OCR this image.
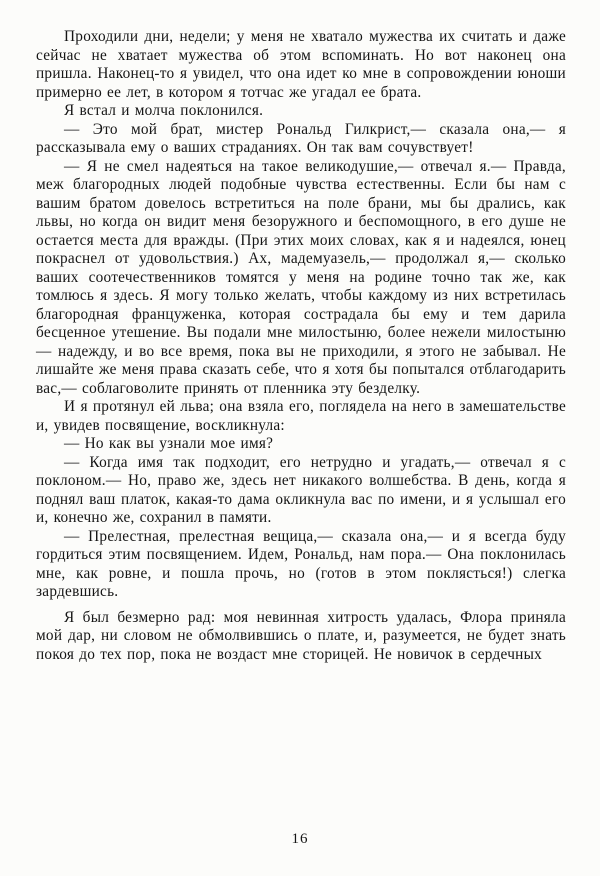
Проходили дни, недели; у меня не хватало мужества их считать и даже сейчас не хватает мужества об этом вспоминать. Но вот наконец она пришла. Наконец-то я увидел, что она идет ко мне в сопровождении юноши примерно ее лет, в котором я тотчас же угадал ее брата.

Я встал и молча поклонился.

— Это мой брат, мистер Рональд Гилкрист,— сказала она,— я рассказывала ему о ваших страданиях. Он так вам сочувствует!

— Я не смел надеяться на такое великодушие,— отвечал я.— Правда, меж благородных людей подобные чувства естественны. Если бы нам с вашим братом довелось встретиться на поле брани, мы бы дрались, как львы, но когда он видит меня безоружного и беспомощного, в его душе не остается места для вражды. (При этих моих словах, как я и надеялся, юнец покраснел от удовольствия.) Ах, мадемуазель,— продолжал я,— сколько ваших соотечественников томятся у меня на родине точно так же, как томлюсь я здесь. Я могу только желать, чтобы каждому из них встретилась благородная француженка, которая сострадала бы ему и тем дарила бесценное утешение. Вы подали мне милостыню, более нежели милостыню — надежду, и во все время, пока вы не приходили, я этого не забывал. Не лишайте же меня права сказать себе, что я хотя бы попытался отблагодарить вас,— соблаговолите принять от пленника эту безделку.

И я протянул ей льва; она взяла его, поглядела на него в замешательстве и, увидев посвящение, воскликнула:

— Но как вы узнали мое имя?

— Когда имя так подходит, его нетрудно и угадать,— отвечал я с поклоном.— Но, право же, здесь нет никакого волшебства. В день, когда я поднял ваш платок, какая-то дама окликнула вас по имени, и я услышал его и, конечно же, сохранил в памяти.

— Прелестная, прелестная вещица,— сказала она,— и я всегда буду гордиться этим посвящением. Идем, Рональд, нам пора.— Она поклонилась мне, как ровне, и пошла прочь, но (готов в этом поклясться!) слегка зардевшись.

Я был безмерно рад: моя невинная хитрость удалась, Флора приняла мой дар, ни словом не обмолвившись о плате, и, разумеется, не будет знать покоя до тех пор, пока не воздаст мне сторицей. Не новичок в сердечных

16
